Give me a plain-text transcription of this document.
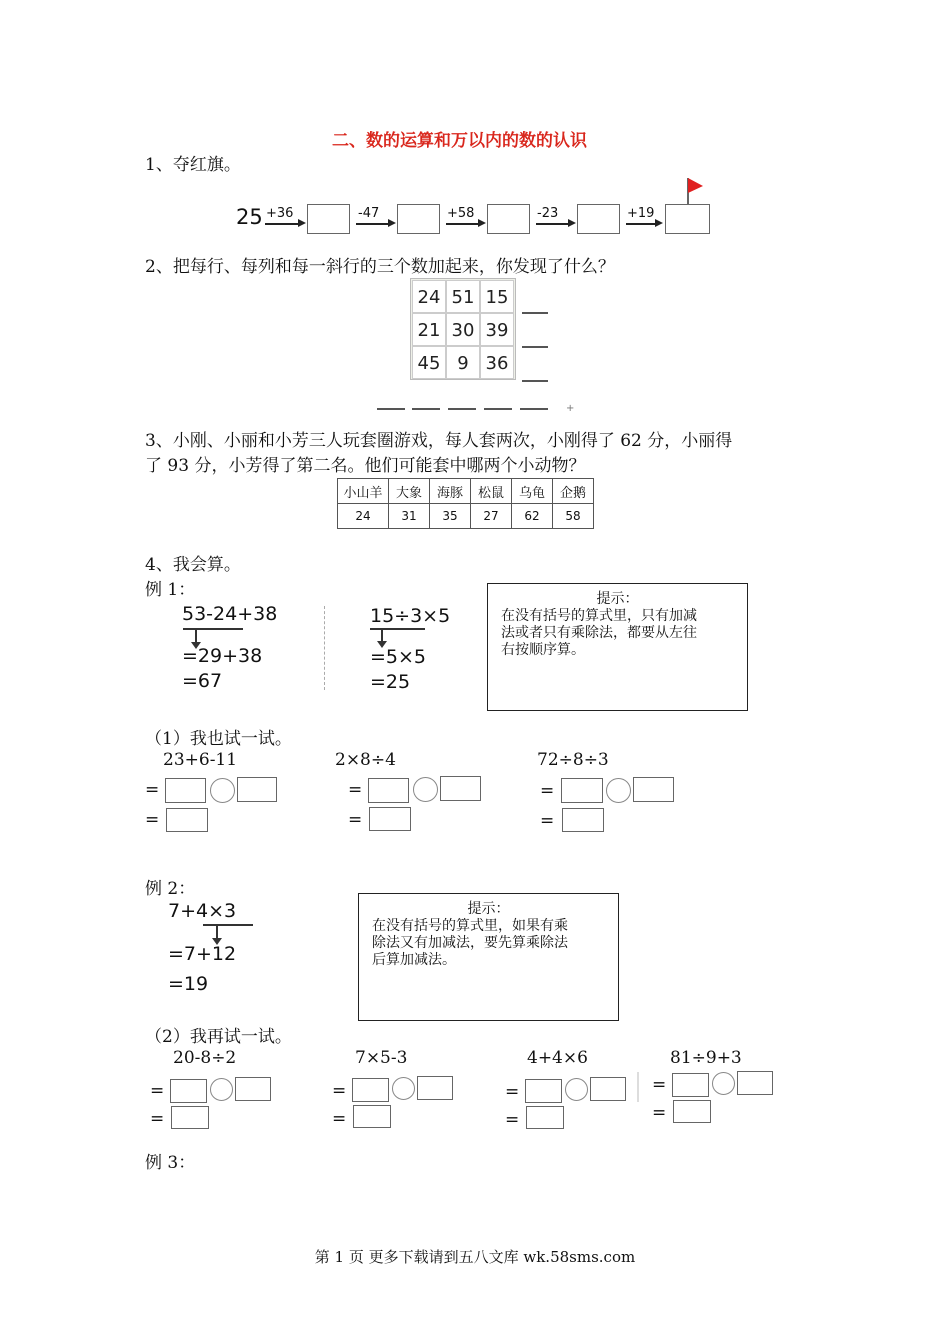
二、数的运算和万以内的数的认识
1、夺红旗。
25 +36	-47	+58	-23	+19
2、把每行、每列和每一斜行的三个数加起来，你发现了什么？
24 51 15
21 30 39
45 9 36
+
3、小刚、小丽和小芳三人玩套圈游戏，每人套两次，小刚得了 62 分，小丽得
了 93 分，小芳得了第二名。他们可能套中哪两个小动物？
小山羊	大象	海豚	松鼠	乌龟	企鹅
24	31	35	27	62	58
4、我会算。
例 1：
53-24+38
=29+38
=67
15÷3×5
=5×5
=25
提示：
在没有括号的算式里，只有加减
法或者只有乘除法，都要从左往
右按顺序算。
（1）我也试一试。
23+6-11	2×8÷4	72÷8÷3
=
=
=
=
=
=
例 2：
7+4×3
=7+12
=19
提示：
在没有括号的算式里，如果有乘
除法又有加减法，要先算乘除法
后算加减法。
（2）我再试一试。
20-8÷2	7×5-3	4+4×6	81÷9+3
=
=
=
=
=
=
=
=
例 3：
第 1 页 更多下载请到五八文库 wk.58sms.com
